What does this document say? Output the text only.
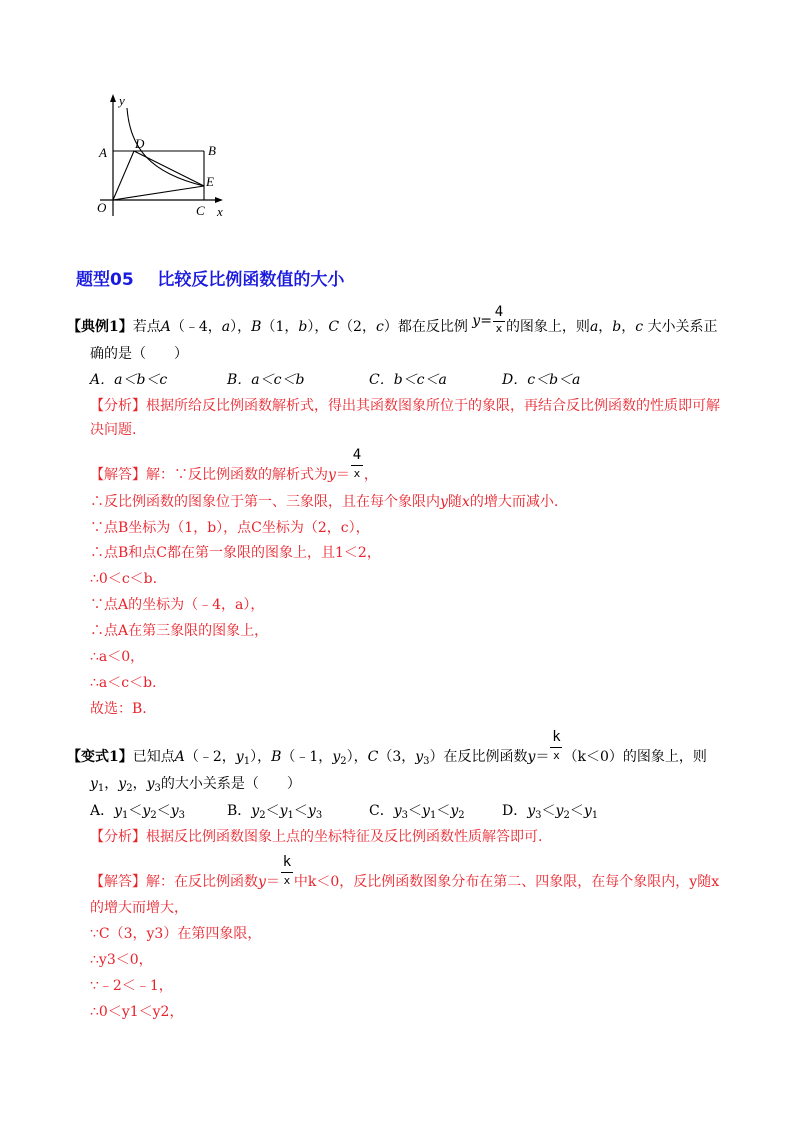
y
x
O
A	B
C
D
E
题型05    比较反比例函数值的大小
【典例1】若点A（﹣4，a），B（1，b），C（2，c）都在反比例 $y= \frac{4}{x}$ 的图象上，则a，b，c 大小关系正
确的是（　　）
A．a＜b＜c	B．a＜c＜b	C．b＜c＜a	D．c＜b＜a
【分析】根据所给反比例函数解析式，得出其函数图象所位于的象限，再结合反比例函数的性质即可解
决问题.
【解答】解：∵反比例函数的解析式为$y= \frac{4}{x}$ ，
∴反比例函数的图象位于第一、三象限，且在每个象限内y随x的增大而减小.
∵点B坐标为（1，b），点C坐标为（2，c），
∴点B和点C都在第一象限的图象上，且1＜2，
∴0＜c＜b.
∵点A的坐标为（﹣4，a），
∴点A在第三象限的图象上，
∴a＜0，
∴a＜c＜b.
故选：B.
【变式1】已知点A（﹣2，$y_1$），B（﹣1，$y_2$），C（3，$y_3$）在反比例函数$y= \frac{k}{x} (k<0)$的图象上，则
$y_1$，$y_2$，$y_3$的大小关系是（　　）
A．$y_1<y_2<y_3$	B．$y_2<y_1<y_3$	C．$y_3<y_1<y_2$	D．$y_3<y_2<y_1$
【分析】根据反比例函数图象上点的坐标特征及反比例函数性质解答即可.
【解答】解：在反比例函数$y= \frac{k}{x}$ 中k＜0，反比例函数图象分布在第二、四象限，在每个象限内，y随x
的增大而增大，
∵C（3，y3）在第四象限，
∴y3＜0，
∵﹣2＜﹣1，
∴0＜y1＜y2，
